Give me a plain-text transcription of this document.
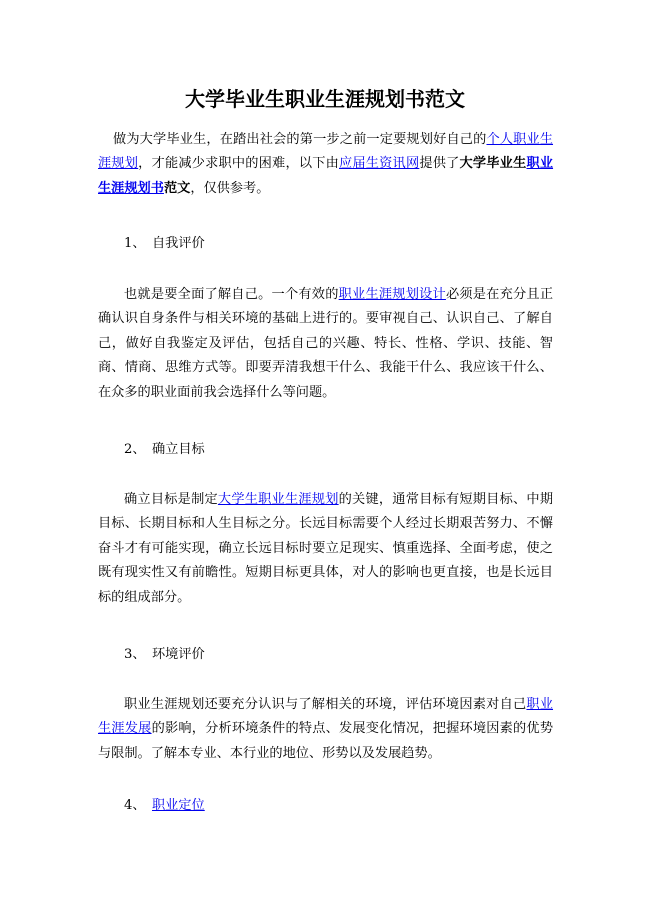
大学毕业生职业生涯规划书范文

做为大学毕业生，在踏出社会的第一步之前一定要规划好自己的个人职业生涯规划，才能减少求职中的困难，以下由应届生资讯网提供了大学毕业生职业生涯规划书范文，仅供参考。

1、 自我评价

也就是要全面了解自己。一个有效的职业生涯规划设计必须是在充分且正确认识自身条件与相关环境的基础上进行的。要审视自己、认识自己、了解自己，做好自我鉴定及评估，包括自己的兴趣、特长、性格、学识、技能、智商、情商、思维方式等。即要弄清我想干什么、我能干什么、我应该干什么、在众多的职业面前我会选择什么等问题。

2、 确立目标

确立目标是制定大学生职业生涯规划的关键，通常目标有短期目标、中期目标、长期目标和人生目标之分。长远目标需要个人经过长期艰苦努力、不懈奋斗才有可能实现，确立长远目标时要立足现实、慎重选择、全面考虑，使之既有现实性又有前瞻性。短期目标更具体，对人的影响也更直接，也是长远目标的组成部分。

3、 环境评价

职业生涯规划还要充分认识与了解相关的环境，评估环境因素对自己职业生涯发展的影响，分析环境条件的特点、发展变化情况，把握环境因素的优势与限制。了解本专业、本行业的地位、形势以及发展趋势。

4、 职业定位
